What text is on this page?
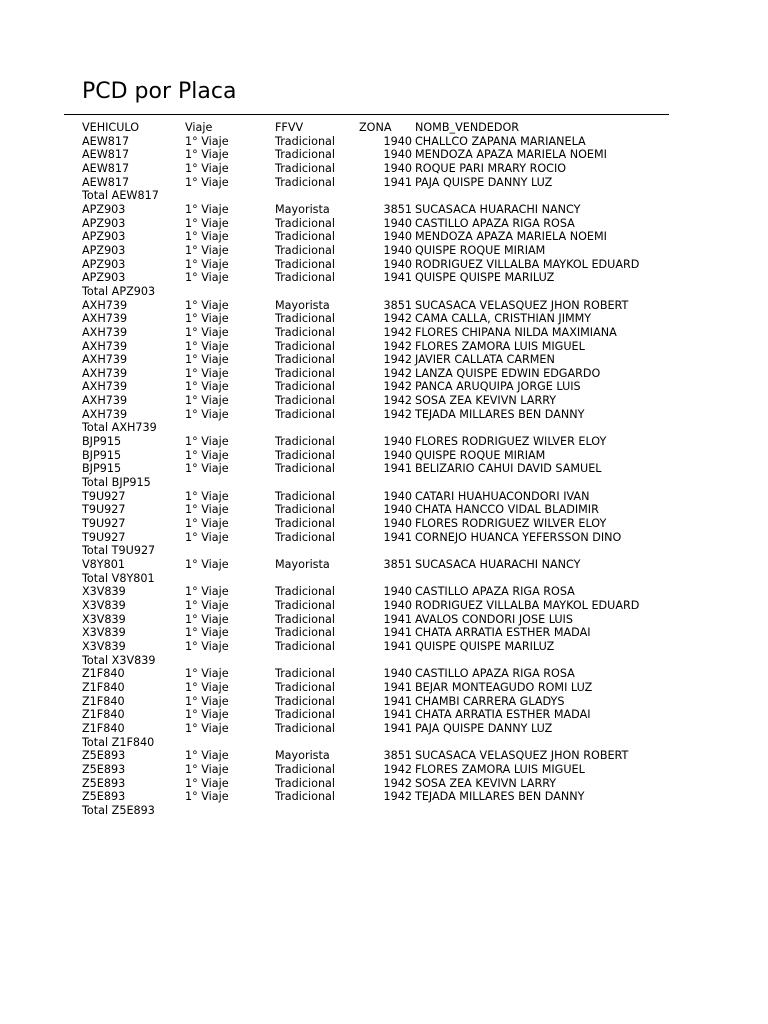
PCD por Placa
VEHICULO	Viaje	FFVV	ZONA	NOMB_VENDEDOR
AEW817	1° Viaje	Tradicional	1940	CHALLCO ZAPANA MARIANELA
AEW817	1° Viaje	Tradicional	1940	MENDOZA APAZA MARIELA NOEMI
AEW817	1° Viaje	Tradicional	1940	ROQUE PARI MRARY ROCIO
AEW817	1° Viaje	Tradicional	1941	PAJA QUISPE DANNY LUZ
Total AEW817				
APZ903	1° Viaje	Mayorista	3851	SUCASACA HUARACHI NANCY
APZ903	1° Viaje	Tradicional	1940	CASTILLO APAZA RIGA ROSA
APZ903	1° Viaje	Tradicional	1940	MENDOZA APAZA MARIELA NOEMI
APZ903	1° Viaje	Tradicional	1940	QUISPE ROQUE MIRIAM
APZ903	1° Viaje	Tradicional	1940	RODRIGUEZ VILLALBA MAYKOL EDUARD
APZ903	1° Viaje	Tradicional	1941	QUISPE QUISPE MARILUZ
Total APZ903				
AXH739	1° Viaje	Mayorista	3851	SUCASACA VELASQUEZ JHON ROBERT
AXH739	1° Viaje	Tradicional	1942	CAMA CALLA, CRISTHIAN JIMMY
AXH739	1° Viaje	Tradicional	1942	FLORES CHIPANA NILDA MAXIMIANA
AXH739	1° Viaje	Tradicional	1942	FLORES ZAMORA LUIS MIGUEL
AXH739	1° Viaje	Tradicional	1942	JAVIER CALLATA CARMEN
AXH739	1° Viaje	Tradicional	1942	LANZA QUISPE EDWIN EDGARDO
AXH739	1° Viaje	Tradicional	1942	PANCA ARUQUIPA JORGE LUIS
AXH739	1° Viaje	Tradicional	1942	SOSA ZEA KEVIVN LARRY
AXH739	1° Viaje	Tradicional	1942	TEJADA MILLARES BEN DANNY
Total AXH739				
BJP915	1° Viaje	Tradicional	1940	FLORES RODRIGUEZ WILVER ELOY
BJP915	1° Viaje	Tradicional	1940	QUISPE ROQUE MIRIAM
BJP915	1° Viaje	Tradicional	1941	BELIZARIO CAHUI DAVID SAMUEL
Total BJP915				
T9U927	1° Viaje	Tradicional	1940	CATARI HUAHUACONDORI IVAN
T9U927	1° Viaje	Tradicional	1940	CHATA HANCCO VIDAL BLADIMIR
T9U927	1° Viaje	Tradicional	1940	FLORES RODRIGUEZ WILVER ELOY
T9U927	1° Viaje	Tradicional	1941	CORNEJO HUANCA YEFERSSON DINO
Total T9U927				
V8Y801	1° Viaje	Mayorista	3851	SUCASACA HUARACHI NANCY
Total V8Y801				
X3V839	1° Viaje	Tradicional	1940	CASTILLO APAZA RIGA ROSA
X3V839	1° Viaje	Tradicional	1940	RODRIGUEZ VILLALBA MAYKOL EDUARD
X3V839	1° Viaje	Tradicional	1941	AVALOS CONDORI JOSE LUIS
X3V839	1° Viaje	Tradicional	1941	CHATA ARRATIA ESTHER MADAI
X3V839	1° Viaje	Tradicional	1941	QUISPE QUISPE MARILUZ
Total X3V839				
Z1F840	1° Viaje	Tradicional	1940	CASTILLO APAZA RIGA ROSA
Z1F840	1° Viaje	Tradicional	1941	BEJAR MONTEAGUDO ROMI LUZ
Z1F840	1° Viaje	Tradicional	1941	CHAMBI CARRERA GLADYS
Z1F840	1° Viaje	Tradicional	1941	CHATA ARRATIA ESTHER MADAI
Z1F840	1° Viaje	Tradicional	1941	PAJA QUISPE DANNY LUZ
Total Z1F840				
Z5E893	1° Viaje	Mayorista	3851	SUCASACA VELASQUEZ JHON ROBERT
Z5E893	1° Viaje	Tradicional	1942	FLORES ZAMORA LUIS MIGUEL
Z5E893	1° Viaje	Tradicional	1942	SOSA ZEA KEVIVN LARRY
Z5E893	1° Viaje	Tradicional	1942	TEJADA MILLARES BEN DANNY
Total Z5E893				
